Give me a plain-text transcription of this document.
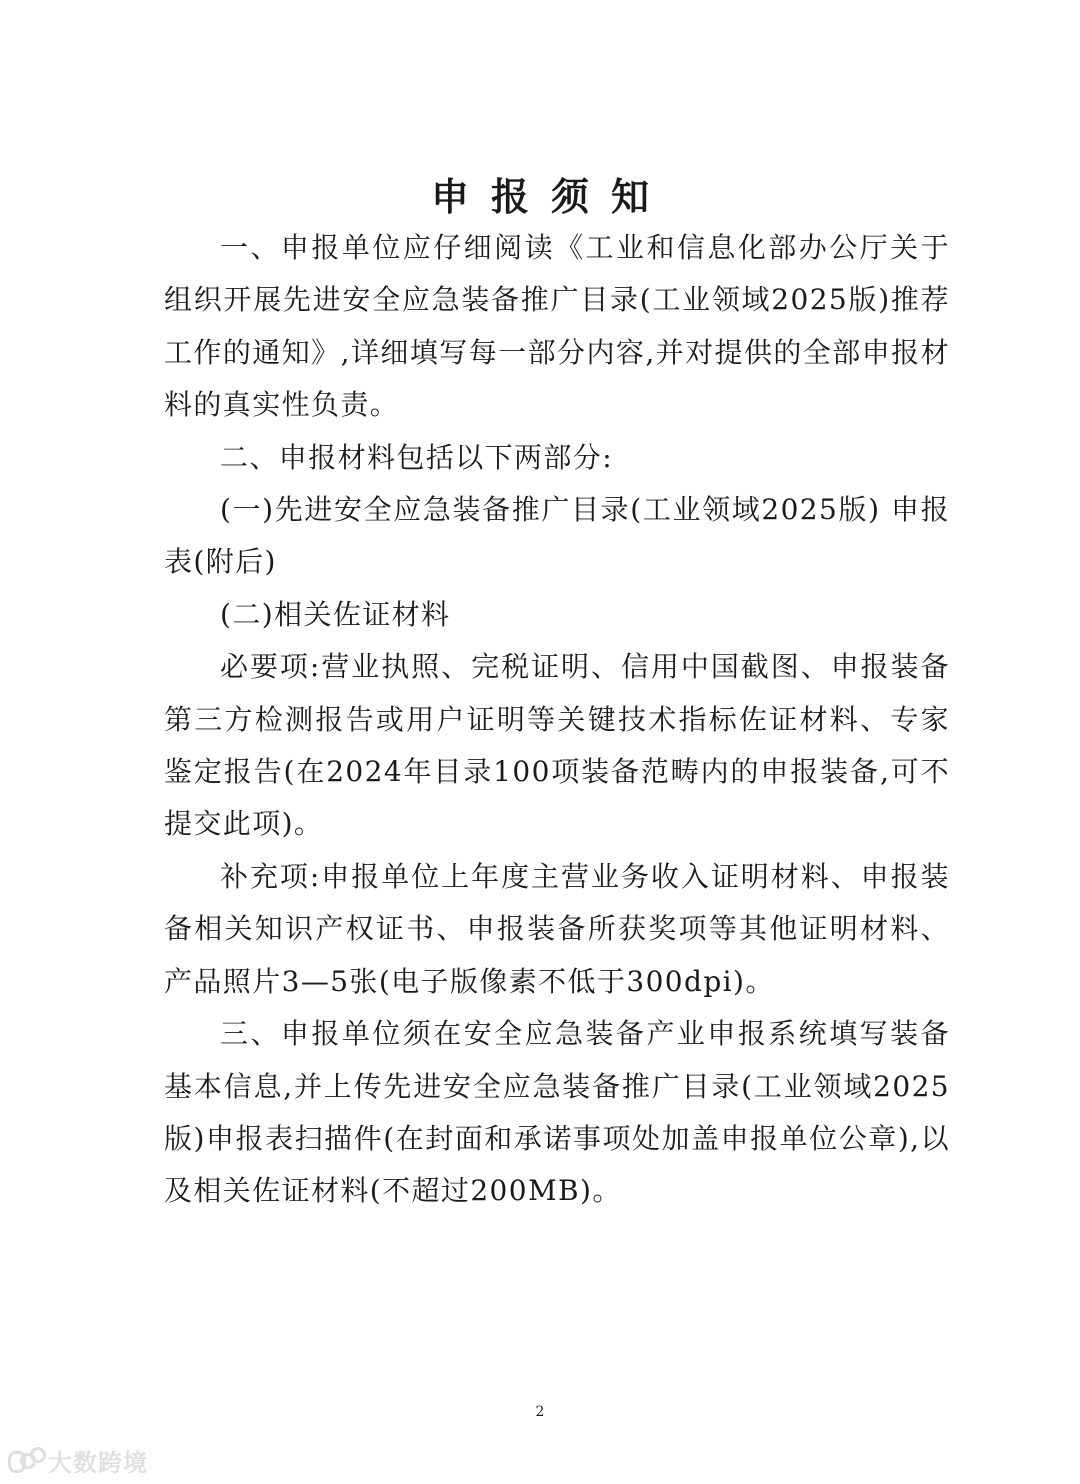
申报须知

一、申报单位应仔细阅读《工业和信息化部办公厅关于组织开展先进安全应急装备推广目录(工业领域2025版)推荐工作的通知》,详细填写每一部分内容,并对提供的全部申报材料的真实性负责。

二、申报材料包括以下两部分:

(一)先进安全应急装备推广目录(工业领域2025版) 申报表(附后)

(二)相关佐证材料

必要项:营业执照、完税证明、信用中国截图、申报装备第三方检测报告或用户证明等关键技术指标佐证材料、专家鉴定报告(在2024年目录100项装备范畴内的申报装备,可不提交此项)。

补充项:申报单位上年度主营业务收入证明材料、申报装备相关知识产权证书、申报装备所获奖项等其他证明材料、产品照片3—5张(电子版像素不低于300dpi)。

三、申报单位须在安全应急装备产业申报系统填写装备基本信息,并上传先进安全应急装备推广目录(工业领域2025版)申报表扫描件(在封面和承诺事项处加盖申报单位公章),以及相关佐证材料(不超过200MB)。

2
大数跨境
